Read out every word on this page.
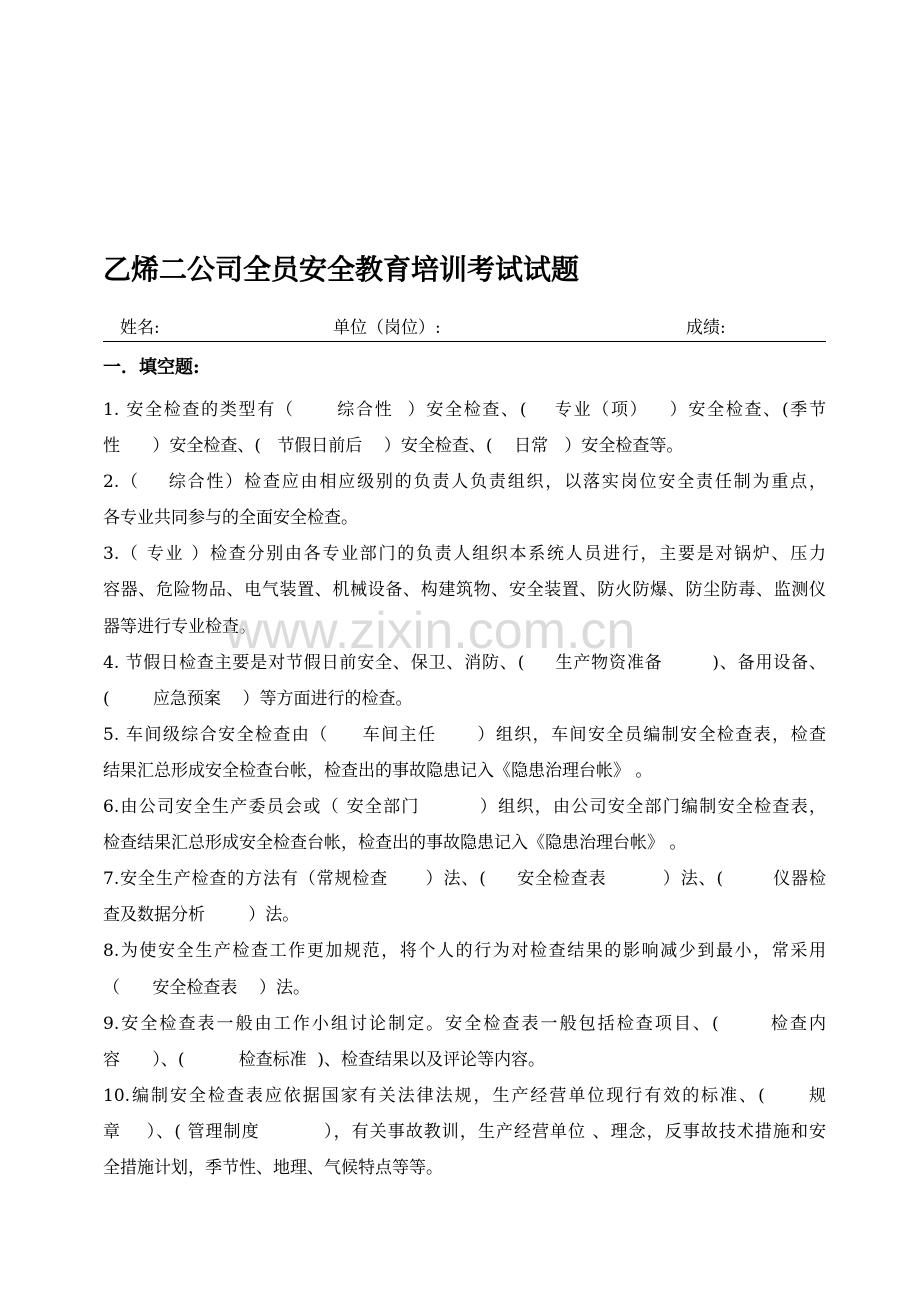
乙烯二公司全员安全教育培训考试试题
姓名:	单位（岗位）:	成绩:
一．填空题:
1. 安全检查的类型有（      综合性  ）安全检查、(    专业（项）   ）安全检查、(季节
性      ）安全检查、(   节假日前后    ）安全检查、(    日常   ）安全检查等。
2.（    综合性）检查应由相应级别的负责人负责组织，以落实岗位安全责任制为重点，
各专业共同参与的全面安全检查。
3.（ 专业 ）检查分别由各专业部门的负责人组织本系统人员进行，主要是对锅炉、压力
容器、危险物品、电气装置、机械设备、构建筑物、安全装置、防火防爆、防尘防毒、监测仪
器等进行专业检查。
4. 节假日检查主要是对节假日前安全、保卫、消防、(     生产物资准备        )、备用设备、
(        应急预案    ）等方面进行的检查。
5. 车间级综合安全检查由（     车间主任      ）组织，车间安全员编制安全检查表，检查
结果汇总形成安全检查台帐，检查出的事故隐患记入《隐患治理台帐》 。
6.由公司安全生产委员会或（ 安全部门         ）组织，由公司安全部门编制安全检查表，
检查结果汇总形成安全检查台帐，检查出的事故隐患记入《隐患治理台帐》 。
7.安全生产检查的方法有（常规检查      ）法、(     安全检查表         ）法、(        仪器检
查及数据分析        ）法。
8.为使安全生产检查工作更加规范，将个人的行为对检查结果的影响减少到最小，常采用
（      安全检查表    ）法。
9.安全检查表一般由工作小组讨论制定。安全检查表一般包括检查项目、(       检查内
容      ）、(          检查标准  )、检查结果以及评论等内容。
10.编制安全检查表应依据国家有关法律法规，生产经营单位现行有效的标准、(      规
章    ）、( 管理制度          ），有关事故教训，生产经营单位 、理念，反事故技术措施和安
全措施计划，季节性、地理、气候特点等等。
www.zixin.com.cn
